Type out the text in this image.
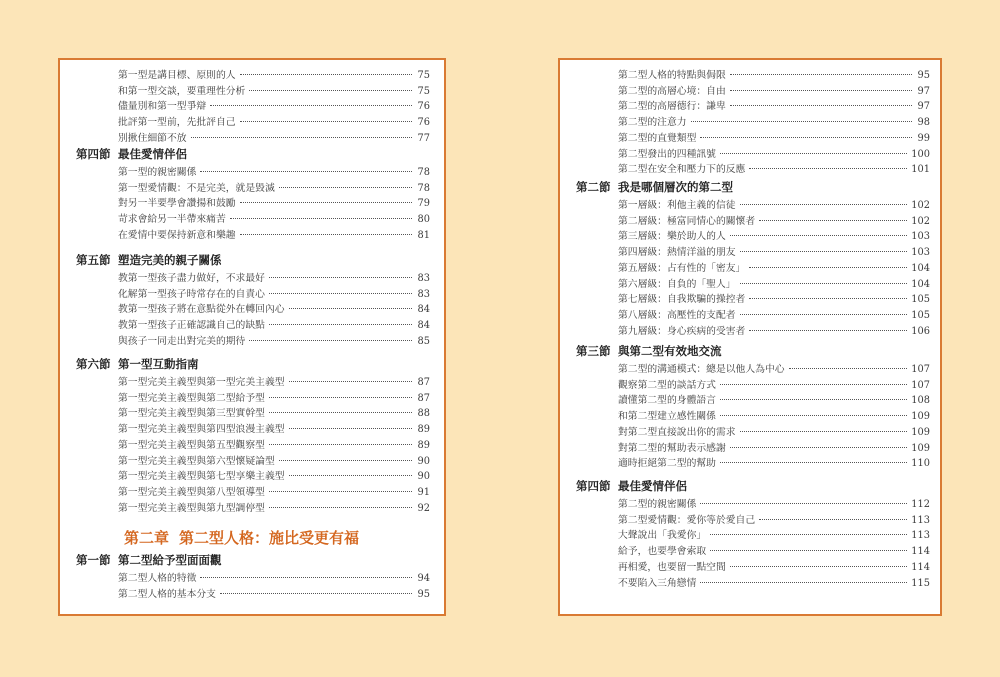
第一型是講目標、原則的人	75
和第一型交談，要重理性分析	75
儘量別和第一型爭辯	76
批評第一型前，先批評自己	76
別揪住細節不放	77
第四節 最佳愛情伴侶
第一型的親密關係	78
第一型愛情觀：不是完美，就是毀滅	78
對另一半要學會讚揚和鼓勵	79
苛求會給另一半帶來痛苦	80
在愛情中要保持新意和樂趣	81
第五節 塑造完美的親子關係
教第一型孩子盡力做好，不求最好	83
化解第一型孩子時常存在的自責心	83
教第一型孩子將在意點從外在轉回內心	84
教第一型孩子正確認識自己的缺點	84
與孩子一同走出對完美的期待	85
第六節 第一型互動指南
第一型完美主義型與第一型完美主義型	87
第一型完美主義型與第二型給予型	87
第一型完美主義型與第三型實幹型	88
第一型完美主義型與第四型浪漫主義型	89
第一型完美主義型與第五型觀察型	89
第一型完美主義型與第六型懷疑論型	90
第一型完美主義型與第七型享樂主義型	90
第一型完美主義型與第八型領導型	91
第一型完美主義型與第九型調停型	92
第一節 第二型給予型面面觀
第二型人格的特徵	94
第二型人格的基本分支	95
第二章 第二型人格：施比受更有福
第二型人格的特點與侷限	95
第二型的高層心境：自由	97
第二型的高層德行：謙卑	97
第二型的注意力	98
第二型的直覺類型	99
第二型發出的四種訊號	100
第二型在安全和壓力下的反應	101
第二節 我是哪個層次的第二型
第一層級：利他主義的信徒	102
第二層級：極富同情心的關懷者	102
第三層級：樂於助人的人	103
第四層級：熱情洋溢的朋友	103
第五層級：占有性的「密友」	104
第六層級：自負的「聖人」	104
第七層級：自我欺騙的操控者	105
第八層級：高壓性的支配者	105
第九層級：身心疾病的受害者	106
第三節 與第二型有效地交流
第二型的溝通模式：總是以他人為中心	107
觀察第二型的談話方式	107
讀懂第二型的身體語言	108
和第二型建立感性關係	109
對第二型直接說出你的需求	109
對第二型的幫助表示感謝	109
適時拒絕第二型的幫助	110
第四節 最佳愛情伴侶
第二型的親密關係	112
第二型愛情觀：愛你等於愛自己	113
大聲說出「我愛你」	113
給予，也要學會索取	114
再相愛，也要留一點空間	114
不要陷入三角戀情	115
